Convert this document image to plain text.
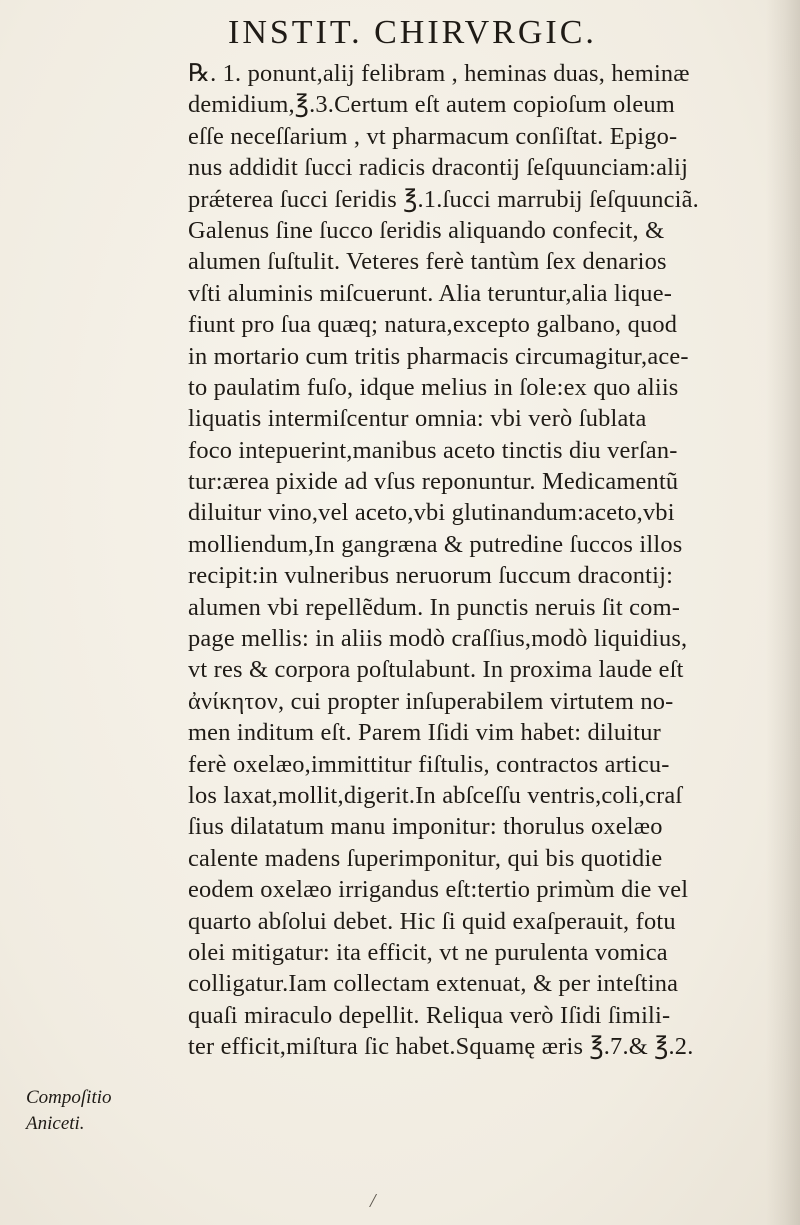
INSTIT. CHIRVRGIC.
℞. 1. ponunt,alij felibram , heminas duas, heminæ
demidium,℥.3.Certum eſt autem copioſum oleum
eſſe neceſſarium , vt pharmacum conſiſtat. Epigo-
nus addidit ſucci radicis dracontij ſeſquunciam:alij
prǽterea ſucci ſeridis ℥.1.ſucci marrubij ſeſquunciã.
Galenus ſine ſucco ſeridis aliquando confecit, &
alumen ſuſtulit. Veteres ferè tantùm ſex denarios
vſti aluminis miſcuerunt. Alia teruntur,alia lique-
fiunt pro ſua quæq; natura,excepto galbano, quod
in mortario cum tritis pharmacis circumagitur,ace-
to paulatim fuſo, idque melius in ſole:ex quo aliis
liquatis intermiſcentur omnia: vbi verò ſublata
foco intepuerint,manibus aceto tinctis diu verſan-
tur:ærea pixide ad vſus reponuntur. Medicamentũ
diluitur vino,vel aceto,vbi glutinandum:aceto,vbi
molliendum,In gangræna & putredine ſuccos illos
recipit:in vulneribus neruorum ſuccum dracontij:
alumen vbi repellẽdum. In punctis neruis ſit com-
page mellis: in aliis modò craſſius,modò liquidius,
vt res & corpora poſtulabunt. In proxima laude eſt
ἀνίκητον, cui propter inſuperabilem virtutem no-
men inditum eſt. Parem Iſidi vim habet: diluitur
ferè oxelæo,immittitur fiſtulis, contractos articu-
los laxat,mollit,digerit.In abſceſſu ventris,coli,craſ
ſius dilatatum manu imponitur: thorulus oxelæo
calente madens ſuperimponitur, qui bis quotidie
eodem oxelæo irrigandus eſt:tertio primùm die vel
quarto abſolui debet. Hic ſi quid exaſperauit, fotu
olei mitigatur: ita efficit, vt ne purulenta vomica
colligatur.Iam collectam extenuat, & per inteſtina
quaſi miraculo depellit. Reliqua verò Iſidi ſimili-
ter efficit,miſtura ſic habet.Squamę æris ℥.7.& ℥.2.
Compoſitio
Aniceti.
/
